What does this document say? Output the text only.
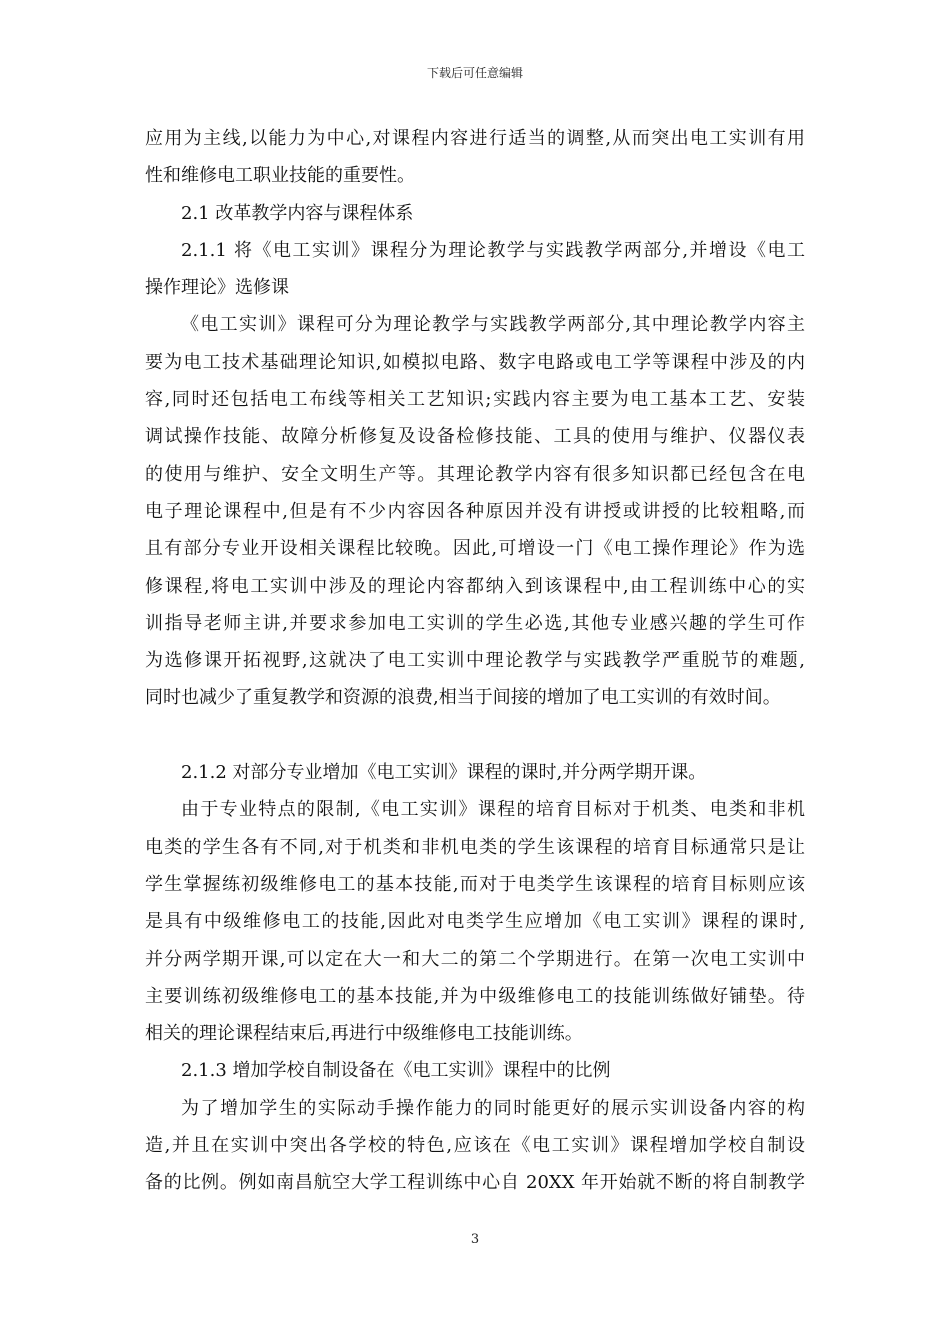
下载后可任意编辑
应用为主线,以能力为中心,对课程内容进行适当的调整,从而突出电工实训有用
性和维修电工职业技能的重要性。
2.1 改革教学内容与课程体系
2.1.1 将《电工实训》课程分为理论教学与实践教学两部分,并增设《电工
操作理论》选修课
《电工实训》课程可分为理论教学与实践教学两部分,其中理论教学内容主
要为电工技术基础理论知识,如模拟电路、数字电路或电工学等课程中涉及的内
容,同时还包括电工布线等相关工艺知识;实践内容主要为电工基本工艺、安装
调试操作技能、故障分析修复及设备检修技能、工具的使用与维护、仪器仪表
的使用与维护、安全文明生产等。其理论教学内容有很多知识都已经包含在电
电子理论课程中,但是有不少内容因各种原因并没有讲授或讲授的比较粗略,而
且有部分专业开设相关课程比较晚。因此,可增设一门《电工操作理论》作为选
修课程,将电工实训中涉及的理论内容都纳入到该课程中,由工程训练中心的实
训指导老师主讲,并要求参加电工实训的学生必选,其他专业感兴趣的学生可作
为选修课开拓视野,这就决了电工实训中理论教学与实践教学严重脱节的难题,
同时也减少了重复教学和资源的浪费,相当于间接的增加了电工实训的有效时间。
2.1.2 对部分专业增加《电工实训》课程的课时,并分两学期开课。
由于专业特点的限制,《电工实训》课程的培育目标对于机类、电类和非机
电类的学生各有不同,对于机类和非机电类的学生该课程的培育目标通常只是让
学生掌握练初级维修电工的基本技能,而对于电类学生该课程的培育目标则应该
是具有中级维修电工的技能,因此对电类学生应增加《电工实训》课程的课时,
并分两学期开课,可以定在大一和大二的第二个学期进行。在第一次电工实训中
主要训练初级维修电工的基本技能,并为中级维修电工的技能训练做好铺垫。待
相关的理论课程结束后,再进行中级维修电工技能训练。
2.1.3 增加学校自制设备在《电工实训》课程中的比例
为了增加学生的实际动手操作能力的同时能更好的展示实训设备内容的构
造,并且在实训中突出各学校的特色,应该在《电工实训》课程增加学校自制设
备的比例。例如南昌航空大学工程训练中心自 20XX 年开始就不断的将自制教学
3
